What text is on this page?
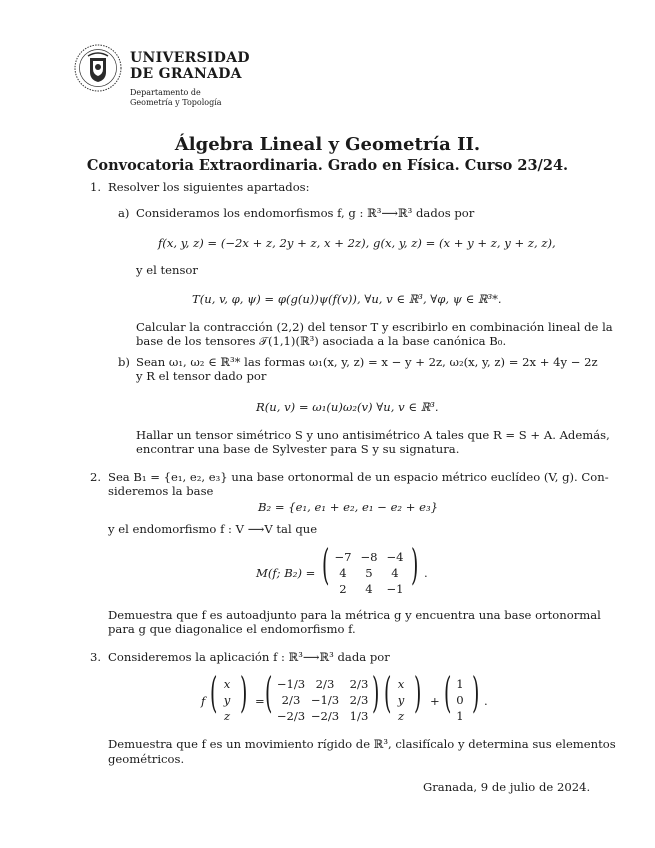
UNIVERSIDAD
DE GRANADA
Departamento de
Geometría y Topología
Álgebra Lineal y Geometría II.
Convocatoria Extraordinaria. Grado en Física. Curso 23/24.
1. Resolver los siguientes apartados:
a) Consideramos los endomorfismos f, g : ℝ³⟶ℝ³ dados por
f(x, y, z) = (−2x + z, 2y + z, x + 2z), g(x, y, z) = (x + y + z, y + z, z),
y el tensor
T(u, v, φ, ψ) = φ(g(u))ψ(f(v)), ∀u, v ∈ ℝ³, ∀φ, ψ ∈ ℝ³*.
Calcular la contracción (2,2) del tensor T y escribirlo en combinación lineal de la
base de los tensores 𝒯(1,1)(ℝ³) asociada a la base canónica B₀.
b) Sean ω₁, ω₂ ∈ ℝ³* las formas ω₁(x, y, z) = x − y + 2z, ω₂(x, y, z) = 2x + 4y − 2z
y R el tensor dado por
R(u, v) = ω₁(u)ω₂(v) ∀u, v ∈ ℝ³.
Hallar un tensor simétrico S y uno antisimétrico A tales que R = S + A. Además,
encontrar una base de Sylvester para S y su signatura.
2. Sea B₁ = {e₁, e₂, e₃} una base ortonormal de un espacio métrico euclídeo (V, g). Con-
sideremos la base
B₂ = {e₁, e₁ + e₂, e₁ − e₂ + e₃}
y el endomorfismo f : V ⟶V tal que
M(f; B₂) = ( )
−7 −8 −4
4	5	4
2	4	−1
.
Demuestra que f es autoadjunto para la métrica g y encuentra una base ortonormal
para g que diagonalice el endomorfismo f.
3. Consideremos la aplicación f : ℝ³⟶ℝ³ dada por
f ( )
x
y
z
= ( )
−1/3 2/3	2/3
2/3 −1/3 2/3
−2/3 −2/3 1/3 ( )
x
y
z
+ ( )
1
0
1
.
Demuestra que f es un movimiento rígido de ℝ³, clasifícalo y determina sus elementos
geométricos.
Granada, 9 de julio de 2024.
